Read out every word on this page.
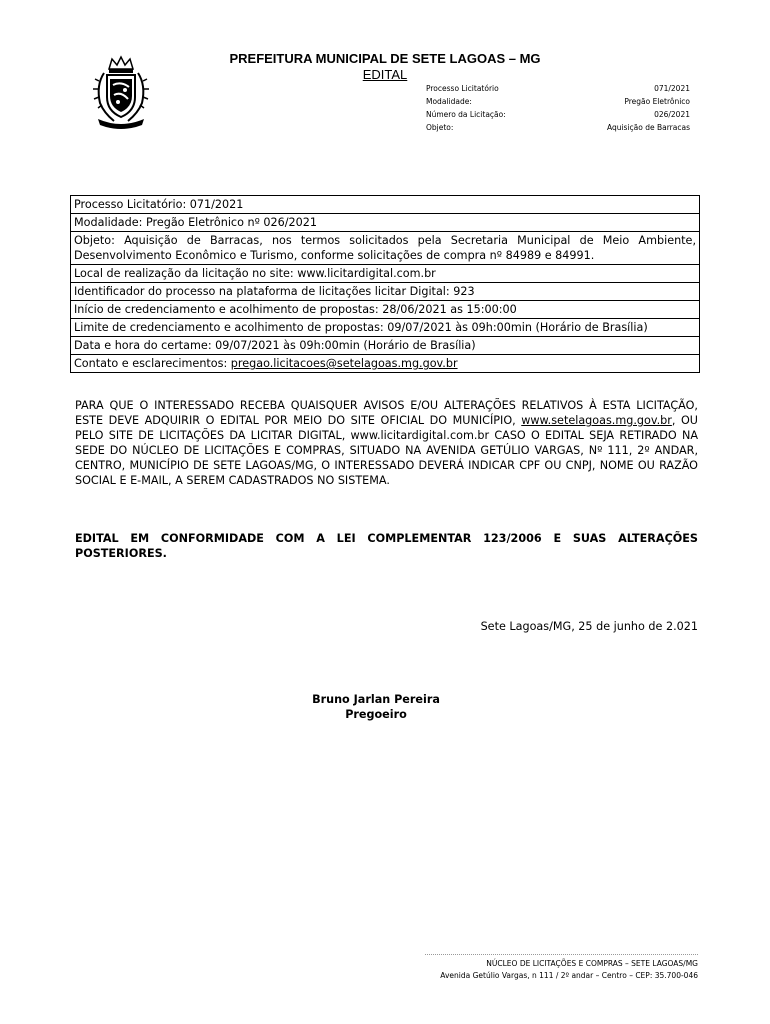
PREFEITURA MUNICIPAL DE SETE LAGOAS – MG
EDITAL
Processo Licitatório	071/2021
Modalidade:	Pregão Eletrônico
Número da Licitação:	026/2021
Objeto:	Aquisição de Barracas
Processo Licitatório: 071/2021
Modalidade: Pregão Eletrônico nº 026/2021
Objeto: Aquisição de Barracas, nos termos solicitados pela Secretaria Municipal de Meio Ambiente, Desenvolvimento Econômico e Turismo, conforme solicitações de compra nº 84989 e 84991.
Local de realização da licitação no site: www.licitardigital.com.br
Identificador do processo na plataforma de licitações licitar Digital: 923
Início de credenciamento e acolhimento de propostas: 28/06/2021 as 15:00:00
Limite de credenciamento e acolhimento de propostas: 09/07/2021 às 09h:00min (Horário de Brasília)
Data e hora do certame: 09/07/2021 às 09h:00min (Horário de Brasília)
Contato e esclarecimentos: pregao.licitacoes@setelagoas.mg.gov.br
PARA QUE O INTERESSADO RECEBA QUAISQUER AVISOS E/OU ALTERAÇÕES RELATIVOS À ESTA LICITAÇÃO, ESTE DEVE ADQUIRIR O EDITAL POR MEIO DO SITE OFICIAL DO MUNICÍPIO, www.setelagoas.mg.gov.br, OU PELO SITE DE LICITAÇÕES DA LICITAR DIGITAL, www.licitardigital.com.br CASO O EDITAL SEJA RETIRADO NA SEDE DO NÚCLEO DE LICITAÇÕES E COMPRAS, SITUADO NA AVENIDA GETÚLIO VARGAS, Nº 111, 2º ANDAR, CENTRO, MUNICÍPIO DE SETE LAGOAS/MG, O INTERESSADO DEVERÁ INDICAR CPF OU CNPJ, NOME OU RAZÃO SOCIAL E E-MAIL, A SEREM CADASTRADOS NO SISTEMA.
EDITAL EM CONFORMIDADE COM A LEI COMPLEMENTAR 123/2006 E SUAS ALTERAÇÕES POSTERIORES.
Sete Lagoas/MG, 25 de junho de 2.021
Bruno Jarlan Pereira
Pregoeiro
NÚCLEO DE LICITAÇÕES E COMPRAS – SETE LAGOAS/MG
Avenida Getúlio Vargas, n 111 / 2º andar – Centro – CEP: 35.700-046
